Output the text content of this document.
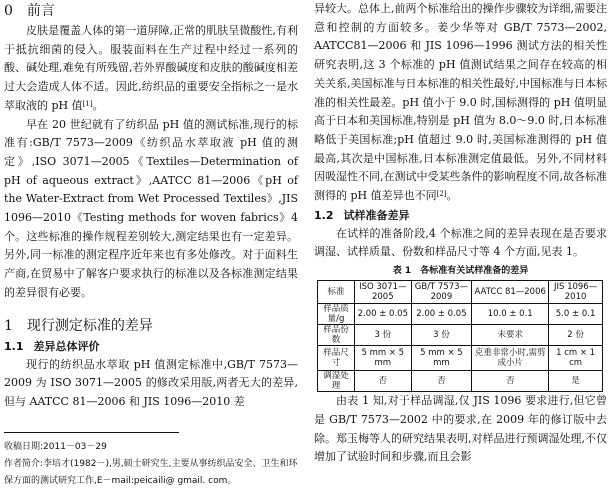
0 前言

皮肤是覆盖人体的第一道屏障,正常的肌肤呈微酸性,有利于抵抗细菌的侵入。服装面料在生产过程中经过一系列的酸、碱处理,难免有所残留,若外界酸碱度和皮肤的酸碱度相差过大会造成人体不适。因此,纺织品的重要安全指标之一是水萃取液的 pH 值[1]。

早在 20 世纪就有了纺织品 pH 值的测试标准,现行的标准有:GB/T 7573—2009《纺织品水萃取液 pH 值的测定》,ISO 3071—2005《Textiles—Determination of pH of aqueous extract》,AATCC 81—2006《pH of the Water-Extract from Wet Processed Textiles》,JIS 1096—2010《Testing methods for woven fabrics》4 个。这些标准的操作规程差别较大,测定结果也有一定差异。另外,同一标准的测定程序近年来也有多处修改。对于面料生产商,在贸易中了解客户要求执行的标准以及各标准测定结果的差异很有必要。

1 现行测定标准的差异
1.1 差异总体评价

现行的纺织品水萃取 pH 值测定标准中,GB/T 7573—2009 为 ISO 3071—2005 的修改采用版,两者无大的差异,但与 AATCC 81—2006 和 JIS 1096—2010 差

收稿日期:2011－03－29
作者简介:李培才(1982－),男,硕士研究生,主要从事纺织品安全、卫生和环保方面的测试研究工作,E－mail:peicaili@ gmail. com。

异较大。总体上,前两个标准给出的操作步骤较为详细,需要注意和控制的方面较多。姜少华等对 GB/T 7573—2002, AATCC81—2006 和 JIS 1096—1996 测试方法的相关性研究表明,这 3 个标准的 pH 值测试结果之间存在较高的相关关系,美国标准与日本标准的相关性最好,中国标准与日本标准的相关性最差。pH 值小于 9.0 时,国标测得的 pH 值明显高于日本和美国标准,特别是 pH 值为 8.0～9.0 时,日本标准略低于美国标准;pH 值超过 9.0 时,美国标准测得的 pH 值最高,其次是中国标准,日本标准测定值最低。另外,不同材料因吸湿性不同,在测试中受某些条件的影响程度不同,故各标准测得的 pH 值差异也不同[2]。

1.2 试样准备差异

在试样的准备阶段,4 个标准之间的差异表现在是否要求调湿、试样质量、份数和样品尺寸等 4 个方面,见表 1。

表 1　各标准有关试样准备的差异
标准	ISO 3071—2005	GB/T 7573—2009	AATCC 81—2006	JIS 1096—2010
样品质量/g	2.00 ± 0.05	2.00 ± 0.05	10.0 ± 0.1	5.0 ± 0.1
样品份数	3 份	3 份	未要求	2 份
样品尺寸	5 mm × 5 mm	5 mm × 5 mm	克重非常小时,需剪成小片	1 cm × 1 cm
调湿处理	否	否	否	是

由表 1 知,对于样品调湿,仅 JIS 1096 要求进行,但它曾是 GB/T 7573—2002 中的要求,在 2009 年的修订版中去除。郑玉梅等人的研究结果表明,对样品进行预调湿处理,不仅增加了试验时间和步骤,而且会影
